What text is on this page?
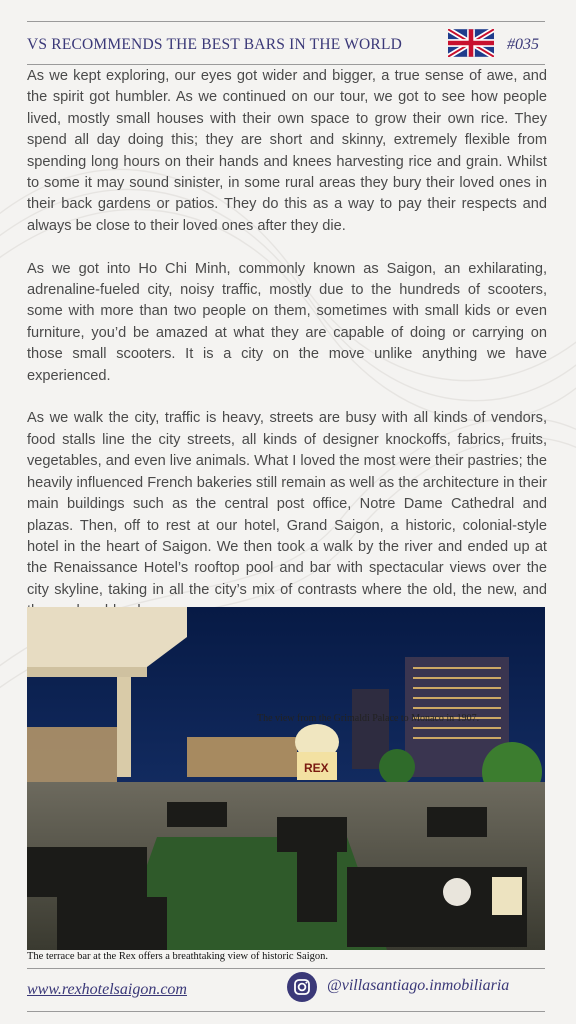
VS RECOMMENDS THE BEST BARS IN THE WORLD	#035

As we kept exploring, our eyes got wider and bigger, a true sense of awe, and the spirit got humbler. As we continued on our tour, we got to see how people lived, mostly small houses with their own space to grow their own rice. They spend all day doing this; they are short and skinny, extremely flexible from spending long hours on their hands and knees harvesting rice and grain. Whilst to some it may sound sinister, in some rural areas they bury their loved ones in their back gardens or patios. They do this as a way to pay their respects and always be close to their loved ones after they die.

As we got into Ho Chi Minh, commonly known as Saigon, an exhilarating, adrenaline-fueled city, noisy traffic, mostly due to the hundreds of scooters, some with more than two people on them, sometimes with small kids or even furniture, you’d be amazed at what they are capable of doing or carrying on those small scooters. It is a city on the move unlike anything we have experienced.

As we walk the city, traffic is heavy, streets are busy with all kinds of vendors, food stalls line the city streets, all kinds of designer knockoffs, fabrics, fruits, vegetables, and even live animals. What I loved the most were their pastries; the heavily influenced French bakeries still remain as well as the architecture in their main buildings such as the central post office, Notre Dame Cathedral and plazas. Then, off to rest at our hotel, Grand Saigon, a historic, colonial-style hotel in the heart of Saigon. We then took a walk by the river and ended up at the Renaissance Hotel’s rooftop pool and bar with spectacular views over the city skyline, taking in all the city’s mix of contrasts where the old, the new, and

REX
The view from the Grimaldi Palace to Monaco in 1907.
The terrace bar at the Rex offers a breathtaking view of historic Saigon.
www.rexhotelsaigon.com	@villasantiago.inmobiliaria
